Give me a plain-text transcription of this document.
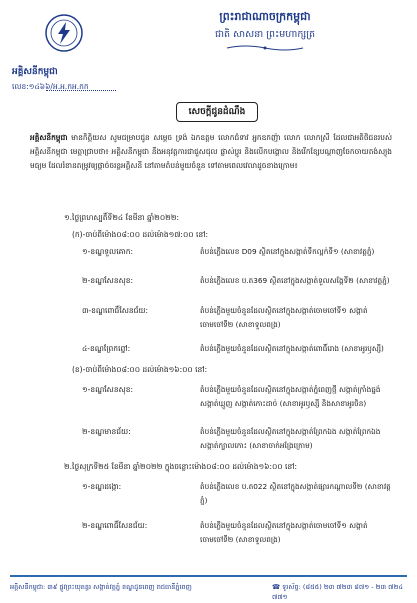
ព្រះរាជាណាចក្រកម្ពុជា
ជាតិ សាសនា ព្រះមហាក្សត្រ
អគ្គិសនីកម្ពុជា
លេខ:១៤៦៦/អ.អ.កអ.កក
សេចក្តីជូនដំណឹង
អគ្គិសនីកម្ពុជា មានកិត្តិយស សូមជម្រាបជូន សម្ដេច ទ្រង់ ឯកឧត្ដម លោកជំទាវ អ្នកឧកញ៉ា លោក លោកស្រី ដែលជាអតិថិជនរបស់អគ្គិសនីកម្ពុជា មេត្តាជ្រាបថា៖ អគ្គិសនីកម្ពុជា នឹងអនុវត្តការជាជួសជុល ផ្លាស់ប្ដូរ និងលើកបង្គោល និងរើកខ្សែបណ្ដាញចែកចាយតង់ស្យុងមធ្យម ដែលរំខានតម្រូវឲ្យផ្ដាច់ចរន្ដអគ្គិសនី នៅតាមតំបន់មួយចំនួន ទៅតាមពេលវេលាដូចខាងក្រោម៖
១.ថ្ងៃព្រហស្បតិ៍ទី២៤ ខែមីនា ឆ្នាំ២០២២:
(ក)-ចាប់ពីម៉ោង០៨:០០ ដល់ម៉ោង១៧:០០ នៅ:
១-ខណ្ឌទួលគោក:	តំបន់ភ្លើងលេខ D09 ស្ថិតនៅក្នុងសង្កាត់ទឹកល្អក់ទី១ (សាខាវត្តភ្នំ)
២-ខណ្ឌសែនសុខ:	តំបន់ភ្លើងលេខ ប.ត369 ស្ថិតនៅក្នុងសង្កាត់ទួលសង្កែទី២ (សាខាវត្តភ្នំ)
៣-ខណ្ឌពោធិ៍សែនជ័យ:	តំបន់ភ្លើងមួយចំនួនដែលស្ថិតនៅក្នុងសង្កាត់ចោមចៅទី១ សង្កាត់ចោមចៅទី២ (សាខាទួលពង្រ)
៤-ខណ្ឌព្រែកព្នៅ:	តំបន់ភ្លើងមួយចំនួនដែលស្ថិតនៅក្នុងសង្កាត់ពោធិ៍រោង (សាខាអូរឫស្សី)
(ខ)-ចាប់ពីម៉ោង០៨:០០ ដល់ម៉ោង១៦:០០ នៅ:
១-ខណ្ឌសែនសុខ:	តំបន់ភ្លើងមួយចំនួនដែលស្ថិតនៅក្នុងសង្កាត់ភ្នំពេញថ្មី សង្កាត់ក្រាំងធ្នង់ សង្កាត់ឃ្មួញ សង្កាត់កោះដាច់ (សាខាអូរឫស្សី និងសាខាអូរចិន)
២-ខណ្ឌមានជ័យ:	តំបន់ភ្លើងមួយចំនួនដែលស្ថិតនៅក្នុងសង្កាត់ព្រែកឯង សង្កាត់ព្រែកឯងសង្កាត់ក្បាលកោះ (សាខាចាក់អង្រែក្រោម)
២.ថ្ងៃសុក្រទី២៥ ខែមីនា ឆ្នាំ២០២២ ក្នុងចន្លោះម៉ោង០៨:០០ ដល់ម៉ោង១៦:០០ នៅ:
១-ខណ្ឌដង្កោ:	តំបន់ភ្លើងលេខ ប.ត022 ស្ថិតនៅក្នុងសង្កាត់ផ្សារកណ្ដាលទី២ (សាខាវត្តភ្នំ)
២-ខណ្ឌពោធិ៍សែនជ័យ:	តំបន់ភ្លើងមួយចំនួនដែលស្ថិតនៅក្នុងសង្កាត់ចោមចៅទី១ សង្កាត់ចោមចៅទី២ (សាខាទួលពង្រ)
អគ្គិសនីកម្ពុជា: ៣៩ ផ្លូវព្រះយុគន្ធរ សង្កាត់វត្តភ្នំ ខណ្ឌដូនពេញ រាជធានីភ្នំពេញ	☎ ទូរស័ព្ទ: (៨៥៥) ២៣ ៧២៣ ៨៧១ - ២៣ ៧២៤ ៧៧១
